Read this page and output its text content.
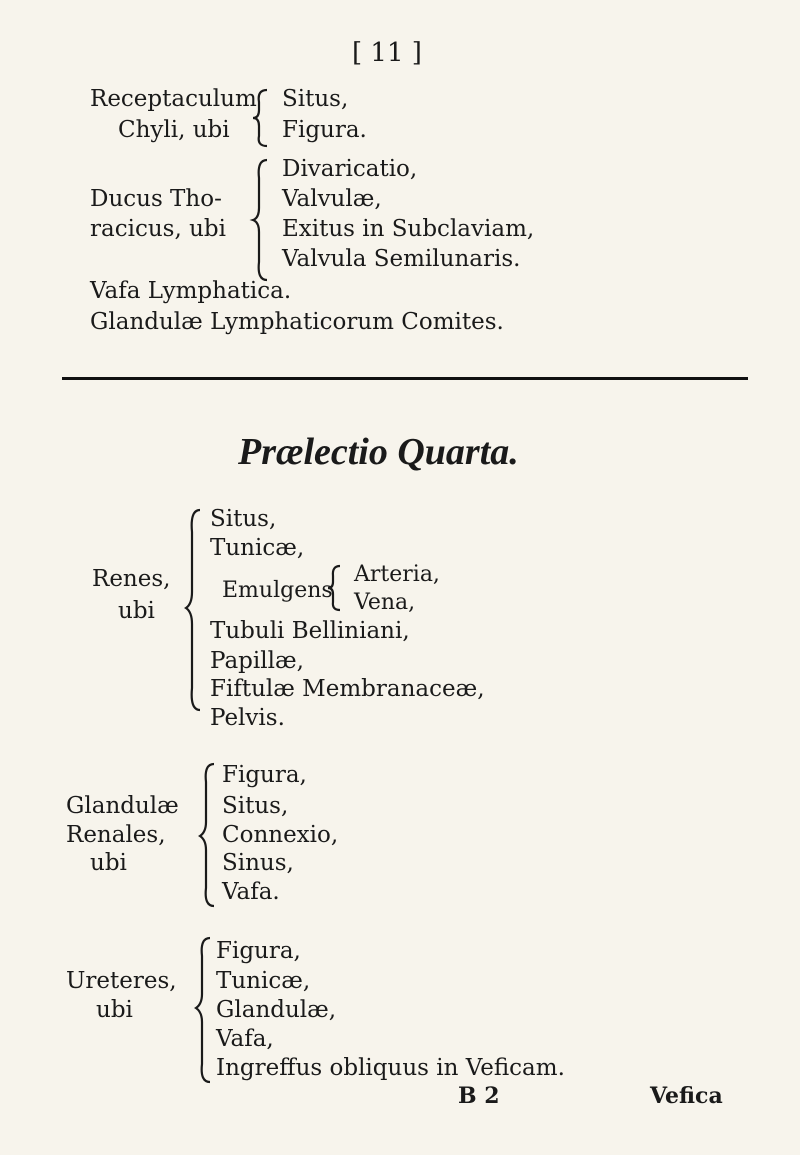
[ 11 ]
Receptaculum
Chyli, ubi
Situs,
Figura.
Ducus Tho-
racicus, ubi
Divaricatio,
Valvulæ,
Exitus in Subclaviam,
Valvula Semilunaris.
Vafa Lymphatica.
Glandulæ Lymphaticorum Comites.
Prælectio Quarta.
Renes,
ubi
Situs,
Tunicæ,
Emulgens
Arteria,
Vena,
Tubuli Belliniani,
Papillæ,
Fiftulæ Membranaceæ,
Pelvis.
Glandulæ
Renales,
ubi
Figura,
Situs,
Connexio,
Sinus,
Vafa.
Ureteres,
ubi
Figura,
Tunicæ,
Glandulæ,
Vafa,
Ingreffus obliquus in Veficam.
B 2	Vefica
